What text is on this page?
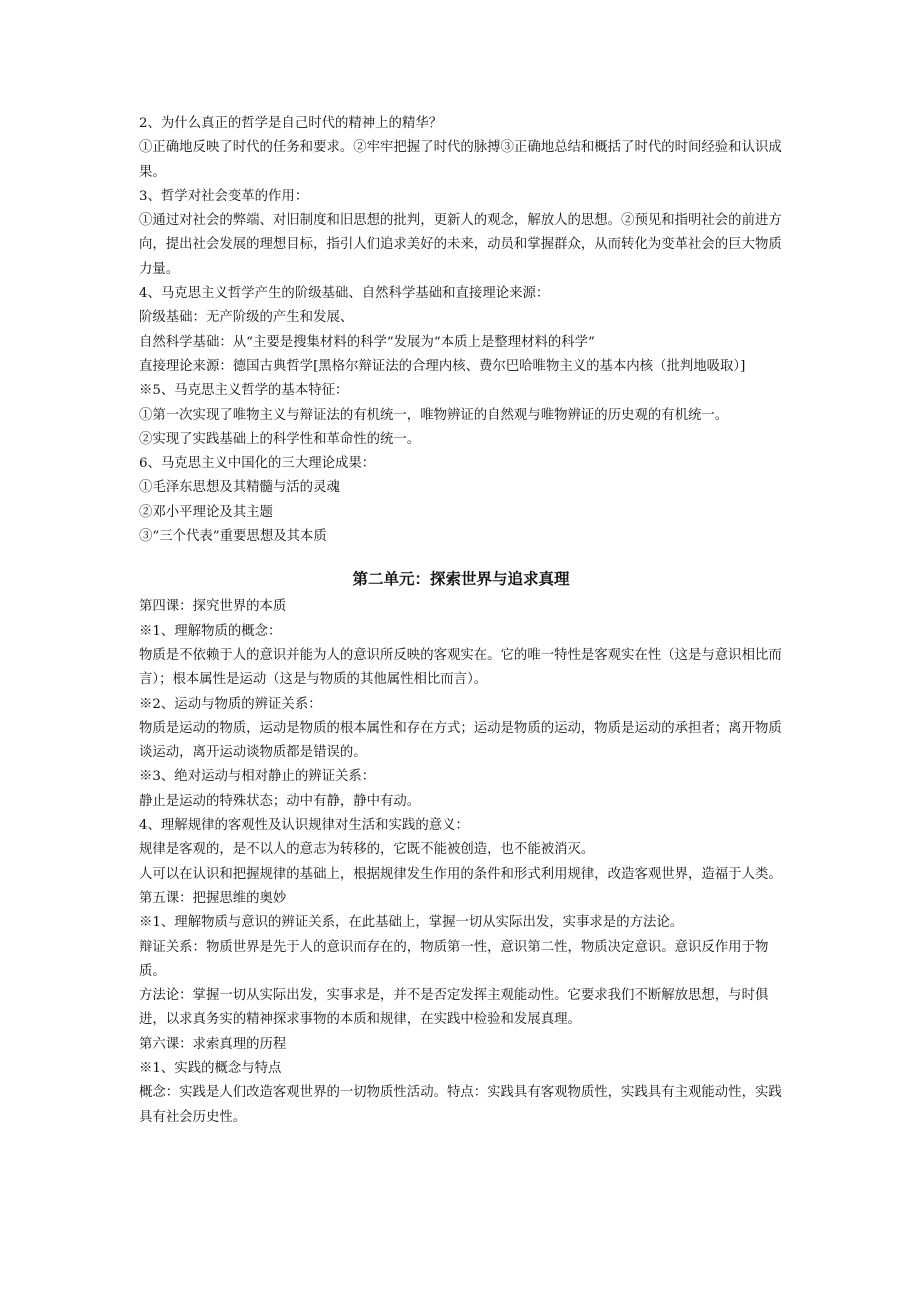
2、为什么真正的哲学是自己时代的精神上的精华？

①正确地反映了时代的任务和要求。②牢牢把握了时代的脉搏③正确地总结和概括了时代的时间经验和认识成果。

3、哲学对社会变革的作用：

①通过对社会的弊端、对旧制度和旧思想的批判，更新人的观念，解放人的思想。②预见和指明社会的前进方向，提出社会发展的理想目标，指引人们追求美好的未来，动员和掌握群众，从而转化为变革社会的巨大物质力量。

4、马克思主义哲学产生的阶级基础、自然科学基础和直接理论来源：

阶级基础：无产阶级的产生和发展、

自然科学基础：从“主要是搜集材料的科学”发展为“本质上是整理材料的科学”

直接理论来源：德国古典哲学[黑格尔辩证法的合理内核、费尔巴哈唯物主义的基本内核（批判地吸取）]

※5、马克思主义哲学的基本特征：

①第一次实现了唯物主义与辩证法的有机统一，唯物辨证的自然观与唯物辨证的历史观的有机统一。

②实现了实践基础上的科学性和革命性的统一。

6、马克思主义中国化的三大理论成果：

①毛泽东思想及其精髓与活的灵魂

②邓小平理论及其主题

③“三个代表”重要思想及其本质

第二单元：探索世界与追求真理

第四课：探究世界的本质

※1、理解物质的概念：

物质是不依赖于人的意识并能为人的意识所反映的客观实在。它的唯一特性是客观实在性（这是与意识相比而言）；根本属性是运动（这是与物质的其他属性相比而言）。

※2、运动与物质的辨证关系：

物质是运动的物质，运动是物质的根本属性和存在方式；运动是物质的运动，物质是运动的承担者；离开物质谈运动，离开运动谈物质都是错误的。

※3、绝对运动与相对静止的辨证关系：

静止是运动的特殊状态；动中有静，静中有动。

4、理解规律的客观性及认识规律对生活和实践的意义：

规律是客观的，是不以人的意志为转移的，它既不能被创造，也不能被消灭。

人可以在认识和把握规律的基础上，根据规律发生作用的条件和形式利用规律，改造客观世界，造福于人类。

第五课：把握思维的奥妙

※1、理解物质与意识的辨证关系，在此基础上，掌握一切从实际出发，实事求是的方法论。

辩证关系：物质世界是先于人的意识而存在的，物质第一性，意识第二性，物质决定意识。意识反作用于物质。

方法论：掌握一切从实际出发，实事求是，并不是否定发挥主观能动性。它要求我们不断解放思想，与时俱进，以求真务实的精神探求事物的本质和规律，在实践中检验和发展真理。

第六课：求索真理的历程

※1、实践的概念与特点

概念：实践是人们改造客观世界的一切物质性活动。特点：实践具有客观物质性，实践具有主观能动性，实践具有社会历史性。
